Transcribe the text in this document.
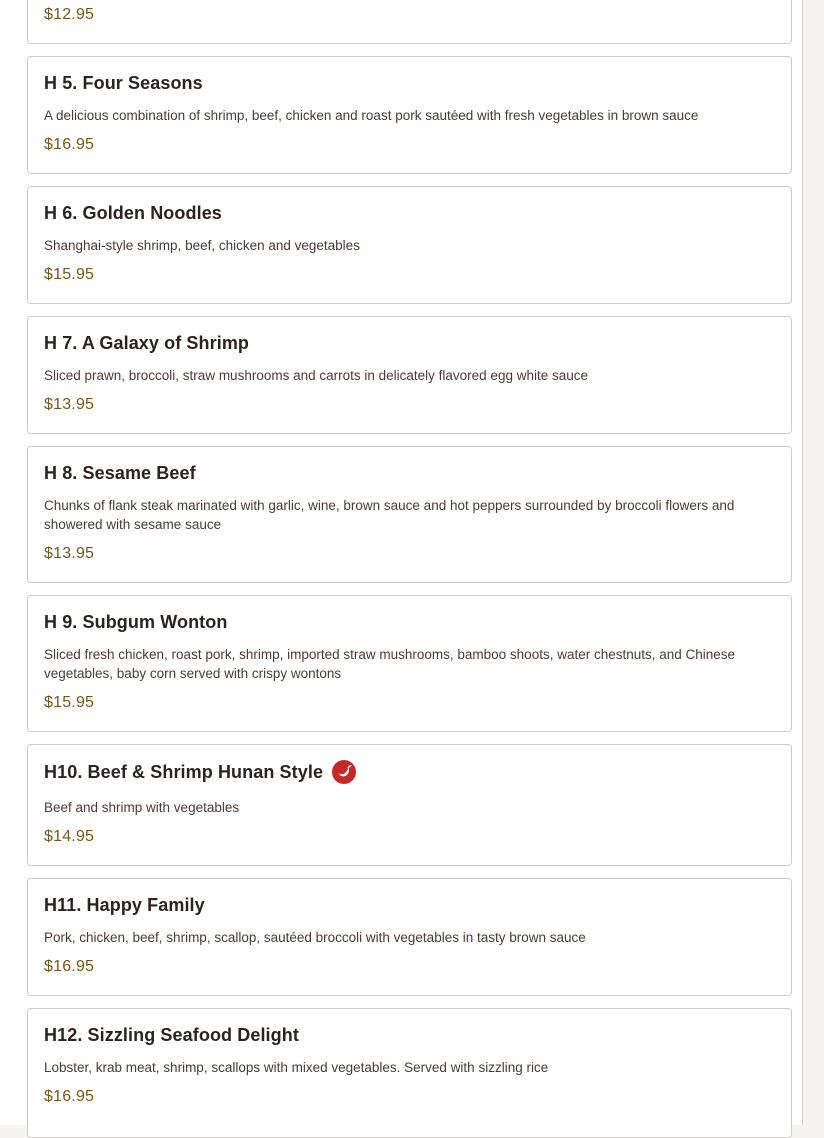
$12.95
H 5. Four Seasons
A delicious combination of shrimp, beef, chicken and roast pork sautéed with fresh vegetables in brown sauce
$16.95
H 6. Golden Noodles
Shanghai-style shrimp, beef, chicken and vegetables
$15.95
H 7. A Galaxy of Shrimp
Sliced prawn, broccoli, straw mushrooms and carrots in delicately flavored egg white sauce
$13.95
H 8. Sesame Beef
Chunks of flank steak marinated with garlic, wine, brown sauce and hot peppers surrounded by broccoli flowers and showered with sesame sauce
$13.95
H 9. Subgum Wonton
Sliced fresh chicken, roast pork, shrimp, imported straw mushrooms, bamboo shoots, water chestnuts, and Chinese vegetables, baby corn served with crispy wontons
$15.95
H10. Beef & Shrimp Hunan Style
Beef and shrimp with vegetables
$14.95
H11. Happy Family
Pork, chicken, beef, shrimp, scallop, sautéed broccoli with vegetables in tasty brown sauce
$16.95
H12. Sizzling Seafood Delight
Lobster, krab meat, shrimp, scallops with mixed vegetables. Served with sizzling rice
$16.95
